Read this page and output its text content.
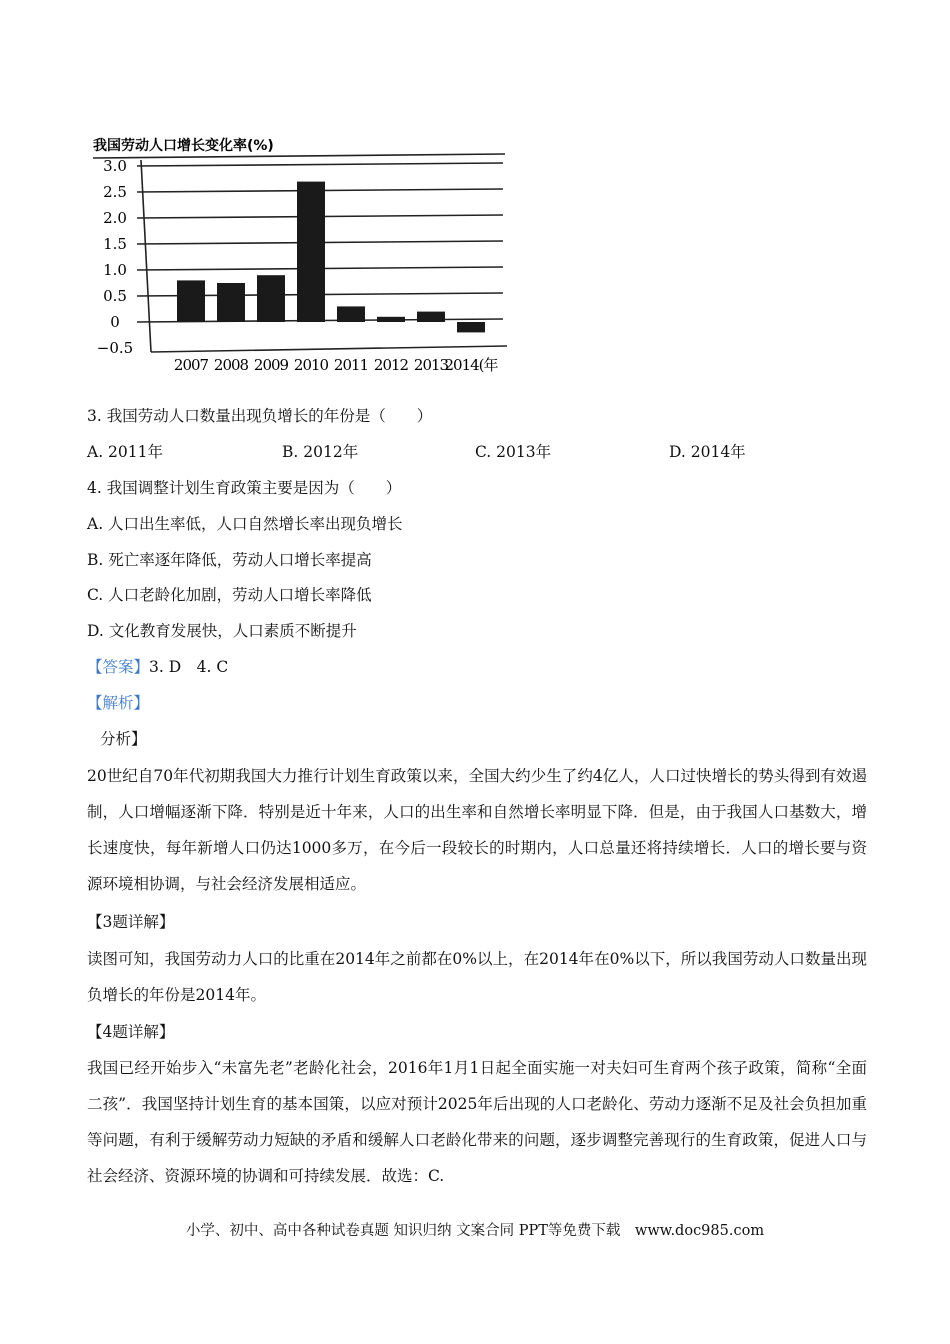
我国劳动人口增长变化率(%)
3.0
2.5
2.0
1.5
1.0
0.5
0
−0.5
2007 2008 2009 2010 2011 2012 2013
2014(年
3. 我国劳动人口数量出现负增长的年份是（　　）
A. 2011年	B. 2012年	C. 2013年	D. 2014年
4. 我国调整计划生育政策主要是因为（　　）
A. 人口出生率低，人口自然增长率出现负增长
B. 死亡率逐年降低，劳动人口增长率提高
C. 人口老龄化加剧，劳动人口增长率降低
D. 文化教育发展快，人口素质不断提升
【答案】3. D　4. C
【解析】
分析】
20世纪自70年代初期我国大力推行计划生育政策以来，全国大约少生了约4亿人，人口过快增长的势头得到有效遏制，人口增幅逐渐下降．特别是近十年来，人口的出生率和自然增长率明显下降．但是，由于我国人口基数大，增长速度快，每年新增人口仍达1000多万，在今后一段较长的时期内，人口总量还将持续增长．人口的增长要与资源环境相协调，与社会经济发展相适应。
【3题详解】
读图可知，我国劳动力人口的比重在2014年之前都在0%以上，在2014年在0%以下，所以我国劳动人口数量出现负增长的年份是2014年。
【4题详解】
我国已经开始步入“未富先老”老龄化社会，2016年1月1日起全面实施一对夫妇可生育两个孩子政策，简称“全面二孩”．我国坚持计划生育的基本国策，以应对预计2025年后出现的人口老龄化、劳动力逐渐不足及社会负担加重等问题，有利于缓解劳动力短缺的矛盾和缓解人口老龄化带来的问题，逐步调整完善现行的生育政策，促进人口与社会经济、资源环境的协调和可持续发展．故选：C.
小学、初中、高中各种试卷真题 知识归纳 文案合同 PPT等免费下载　www.doc985.com
